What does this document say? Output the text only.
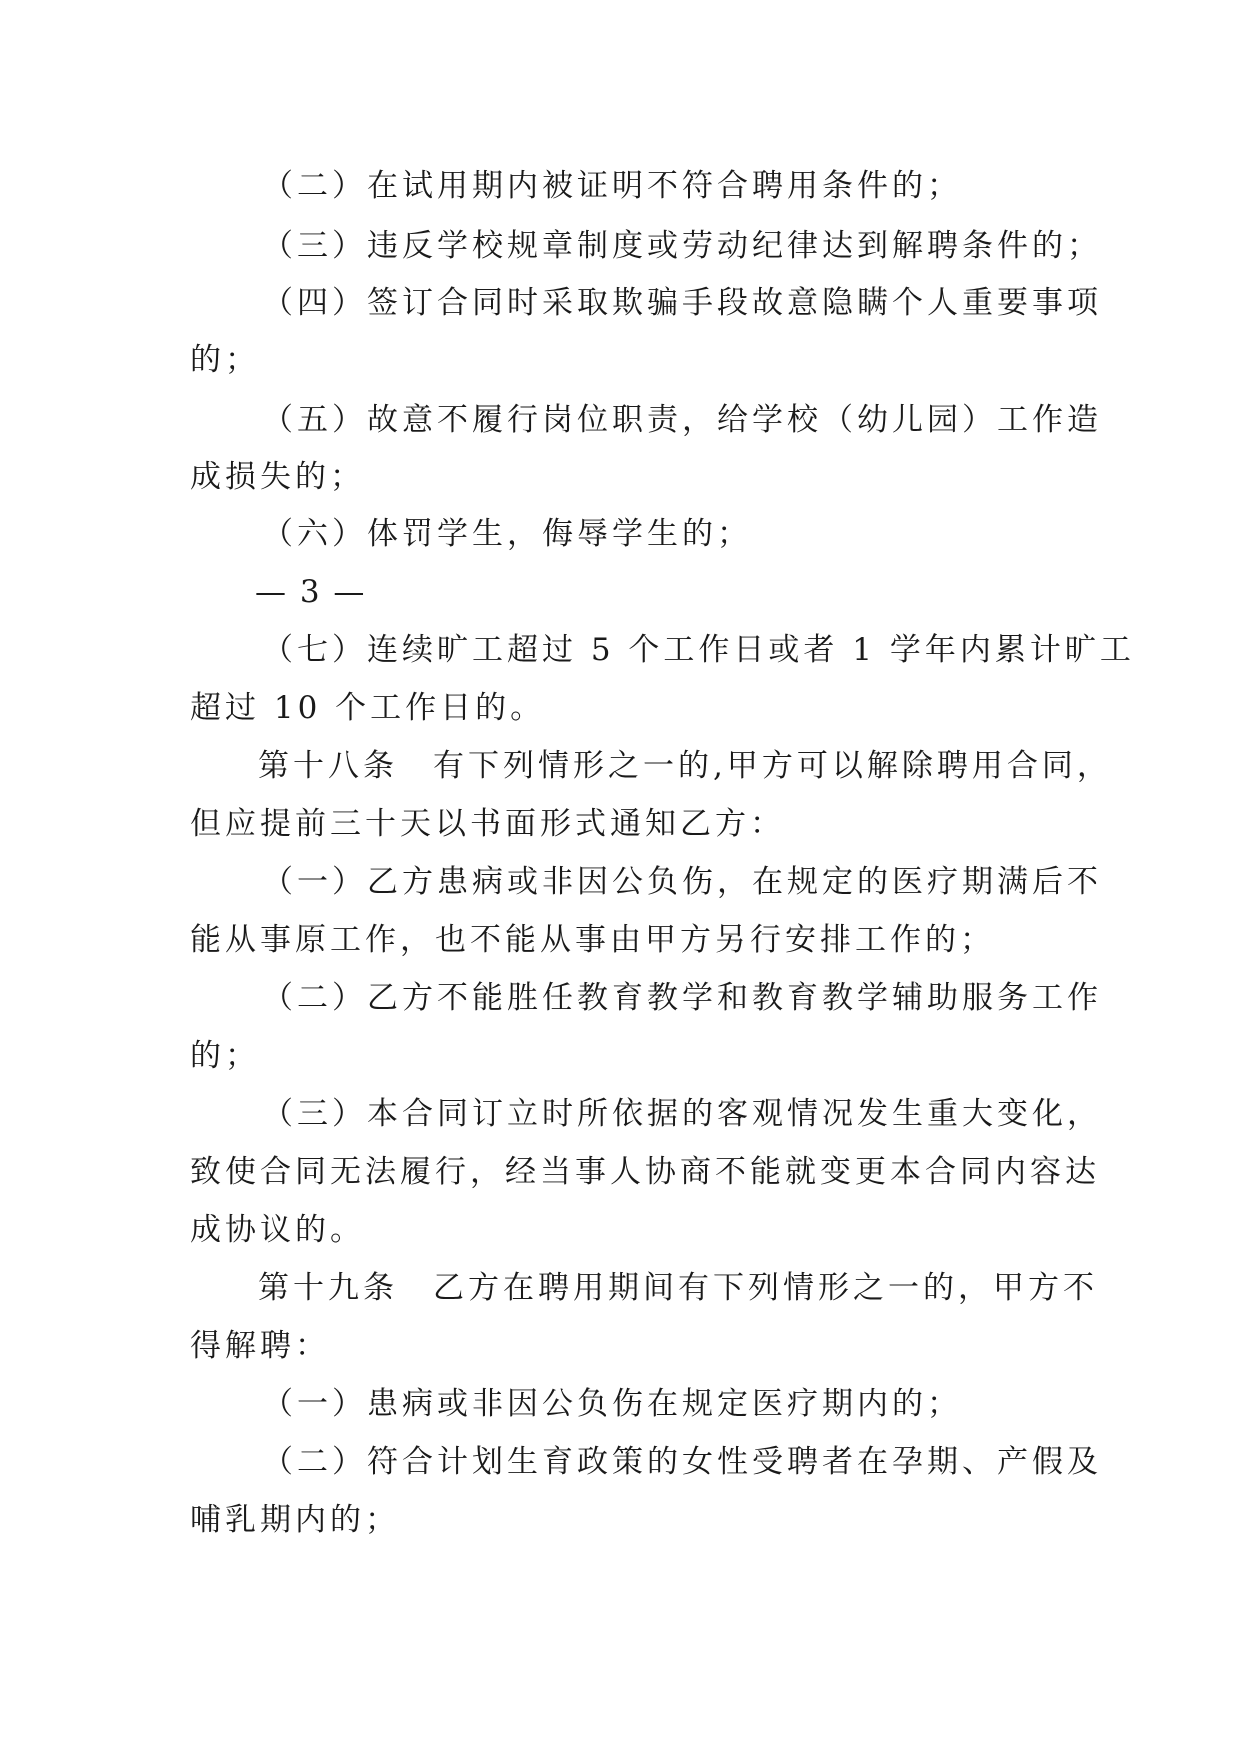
（二）在试用期内被证明不符合聘用条件的；
（三）违反学校规章制度或劳动纪律达到解聘条件的；
（四）签订合同时采取欺骗手段故意隐瞒个人重要事项
的；
（五）故意不履行岗位职责，给学校（幼儿园）工作造
成损失的；
（六）体罚学生，侮辱学生的；
— 3 —
（七）连续旷工超过 5 个工作日或者 1 学年内累计旷工
超过 10 个工作日的。
第十八条　有下列情形之一的,甲方可以解除聘用合同，
但应提前三十天以书面形式通知乙方：
（一）乙方患病或非因公负伤，在规定的医疗期满后不
能从事原工作，也不能从事由甲方另行安排工作的；
（二）乙方不能胜任教育教学和教育教学辅助服务工作
的；
（三）本合同订立时所依据的客观情况发生重大变化，
致使合同无法履行，经当事人协商不能就变更本合同内容达
成协议的。
第十九条　乙方在聘用期间有下列情形之一的，甲方不
得解聘：
（一）患病或非因公负伤在规定医疗期内的；
（二）符合计划生育政策的女性受聘者在孕期、产假及
哺乳期内的；
